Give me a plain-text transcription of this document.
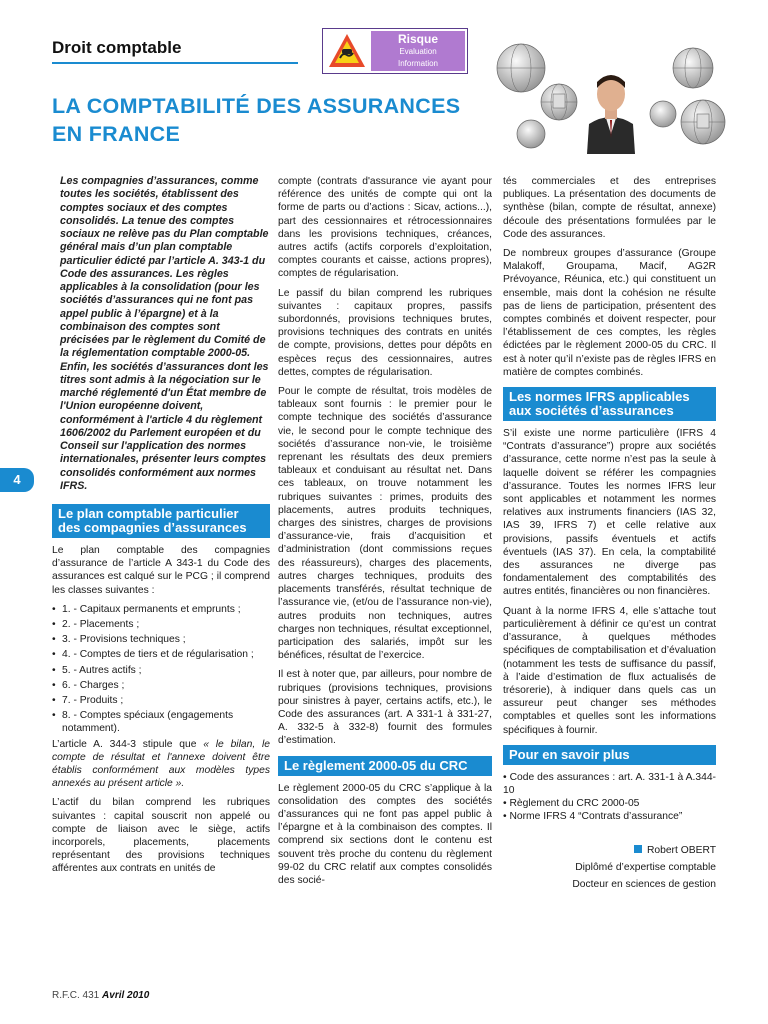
Droit comptable	Risque
Evaluation
Information
LA COMPTABILITÉ DES ASSURANCES
EN FRANCE
4

Les compagnies d’assurances, comme toutes les sociétés, établissent des comptes sociaux et des comptes consolidés. La tenue des comptes sociaux ne relève pas du Plan comptable général mais d’un plan comptable particulier édicté par l’article A. 343-1 du Code des assurances. Les règles applicables à la consolidation (pour les sociétés d’assurances qui ne font pas appel public à l’épargne) et à la combinaison des comptes sont précisées par le règlement du Comité de la réglementation comptable 2000-05. Enfin, les sociétés d’assurances dont les titres sont admis à la négociation sur le marché réglementé d'un État membre de l'Union européenne doivent, conformément à l'article 4 du règlement 1606/2002 du Parlement européen et du Conseil sur l'application des normes internationales, présenter leurs comptes consolidés conformément aux normes IFRS.

Le plan comptable particulier des compagnies d’assurances

Le plan comptable des compagnies d’assurance de l’article A 343-1 du Code des assurances est calqué sur le PCG ; il comprend les classes suivantes :

• 1. - Capitaux permanents et emprunts ;
• 2. - Placements ;
• 3. - Provisions techniques ;
• 4. - Comptes de tiers et de régularisation ;
• 5. - Autres actifs ;
• 6. - Charges ;
• 7. - Produits ;
• 8. - Comptes spéciaux (engagements notamment).

L’article A. 344-3 stipule que « le bilan, le compte de résultat et l'annexe doivent être établis conformément aux modèles types annexés au présent article ».

L’actif du bilan comprend les rubriques suivantes : capital souscrit non appelé ou compte de liaison avec le siège, actifs incorporels, placements, placements représentant des provisions techniques afférentes aux contrats en unités de

compte (contrats d'assurance vie ayant pour référence des unités de compte qui ont la forme de parts ou d’actions : Sicav, actions...), part des cessionnaires et rétrocessionnaires dans les provisions techniques, créances, autres actifs (actifs corporels d’exploitation, comptes courants et caisse, actions propres), comptes de régularisation.

Le passif du bilan comprend les rubriques suivantes : capitaux propres, passifs subordonnés, provisions techniques brutes, provisions techniques des contrats en unités de compte, provisions, dettes pour dépôts en espèces reçus des cessionnaires, autres dettes, comptes de régularisation.

Pour le compte de résultat, trois modèles de tableaux sont fournis : le premier pour le compte technique des sociétés d’assurance vie, le second pour le compte technique des sociétés d’assurance non-vie, le troisième reprenant les résultats des deux premiers tableaux et conduisant au résultat net. Dans ces tableaux, on trouve notamment les rubriques suivantes : primes, produits des placements, autres produits techniques, charges des sinistres, charges de provisions d’assurance-vie, frais d’acquisition et d’administration (dont commissions reçues des réassureurs), charges des placements, autres charges techniques, produits des placements transférés, résultat technique de l’assurance vie, (et/ou de l’assurance non-vie), autres produits non techniques, autres charges non techniques, résultat exceptionnel, participation des salariés, impôt sur les bénéfices, résultat de l’exercice.

Il est à noter que, par ailleurs, pour nombre de rubriques (provisions techniques, provisions pour sinistres à payer, certains actifs, etc.), le Code des assurances (art. A 331-1 à 331-27, A. 332-5 à 332-8) fournit des formules d’estimation.

Le règlement 2000-05 du CRC

Le règlement 2000-05 du CRC s’applique à la consolidation des comptes des sociétés d’assurances qui ne font pas appel public à l’épargne et à la combinaison des comptes. Il comprend six sections dont le contenu est souvent très proche du contenu du règlement 99-02 du CRC relatif aux comptes consolidés des socié-

tés commerciales et des entreprises publiques. La présentation des documents de synthèse (bilan, compte de résultat, annexe) découle des présentations formulées par le Code des assurances.

De nombreux groupes d’assurance (Groupe Malakoff, Groupama, Macif, AG2R Prévoyance, Réunica, etc.) qui constituent un ensemble, mais dont la cohésion ne résulte pas de liens de participation, présentent des comptes combinés et doivent respecter, pour l’établissement de ces comptes, les règles édictées par le règlement 2000-05 du CRC. Il est à noter qu’il n’existe pas de règles IFRS en matière de comptes combinés.

Les normes IFRS applicables aux sociétés d’assurances

S’il existe une norme particulière (IFRS 4 “Contrats d’assurance”) propre aux sociétés d’assurance, cette norme n’est pas la seule à laquelle doivent se référer les compagnies d’assurance. Toutes les normes IFRS leur sont applicables et notamment les normes relatives aux instruments financiers (IAS 32, IAS 39, IFRS 7) et celle relative aux provisions, passifs éventuels et actifs éventuels (IAS 37). En cela, la comptabilité des assurances ne diverge pas fondamentalement des comptabilités des autres entités, financières ou non financières.

Quant à la norme IFRS 4, elle s’attache tout particulièrement à définir ce qu’est un contrat d’assurance, à quelques méthodes spécifiques de comptabilisation et d’évaluation (notamment les tests de suffisance du passif, à l’aide d’estimation de flux actualisés de trésorerie), à indiquer dans quels cas un assureur peut changer ses méthodes comptables et quelles sont les informations spécifiques à fournir.

Pour en savoir plus

• Code des assurances : art. A. 331-1 à A.344-10

• Règlement du CRC 2000-05

• Norme IFRS 4 “Contrats d’assurance”

Robert OBERT

Diplômé d’expertise comptable

Docteur en sciences de gestion

R.F.C. 431 Avril 2010
